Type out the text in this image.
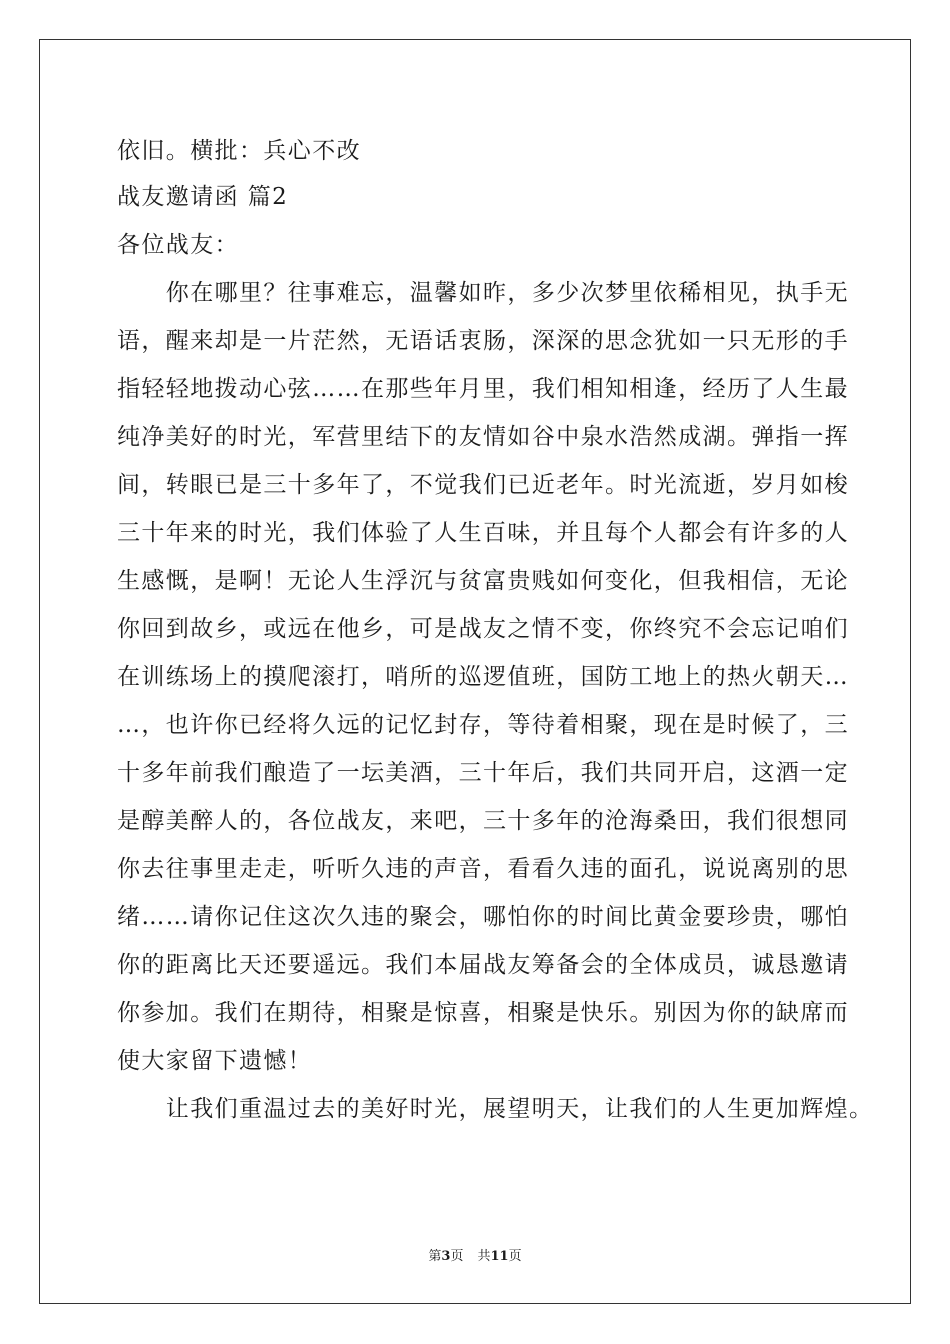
依旧。横批：兵心不改
战友邀请函 篇2
各位战友：
　　你在哪里？往事难忘，温馨如昨，多少次梦里依稀相见，执手无
语，醒来却是一片茫然，无语话衷肠，深深的思念犹如一只无形的手
指轻轻地拨动心弦……在那些年月里，我们相知相逢，经历了人生最
纯净美好的时光，军营里结下的友情如谷中泉水浩然成湖。弹指一挥
间，转眼已是三十多年了，不觉我们已近老年。时光流逝，岁月如梭
三十年来的时光，我们体验了人生百味，并且每个人都会有许多的人
生感慨，是啊！无论人生浮沉与贫富贵贱如何变化，但我相信，无论
你回到故乡，或远在他乡，可是战友之情不变，你终究不会忘记咱们
在训练场上的摸爬滚打，哨所的巡逻值班，国防工地上的热火朝天…
…，也许你已经将久远的记忆封存，等待着相聚，现在是时候了，三
十多年前我们酿造了一坛美酒，三十年后，我们共同开启，这酒一定
是醇美醉人的，各位战友，来吧，三十多年的沧海桑田，我们很想同
你去往事里走走，听听久违的声音，看看久违的面孔，说说离别的思
绪……请你记住这次久违的聚会，哪怕你的时间比黄金要珍贵，哪怕
你的距离比天还要遥远。我们本届战友筹备会的全体成员，诚恳邀请
你参加。我们在期待，相聚是惊喜，相聚是快乐。别因为你的缺席而
使大家留下遗憾！
　　让我们重温过去的美好时光，展望明天，让我们的人生更加辉煌。
第3页 共11页
